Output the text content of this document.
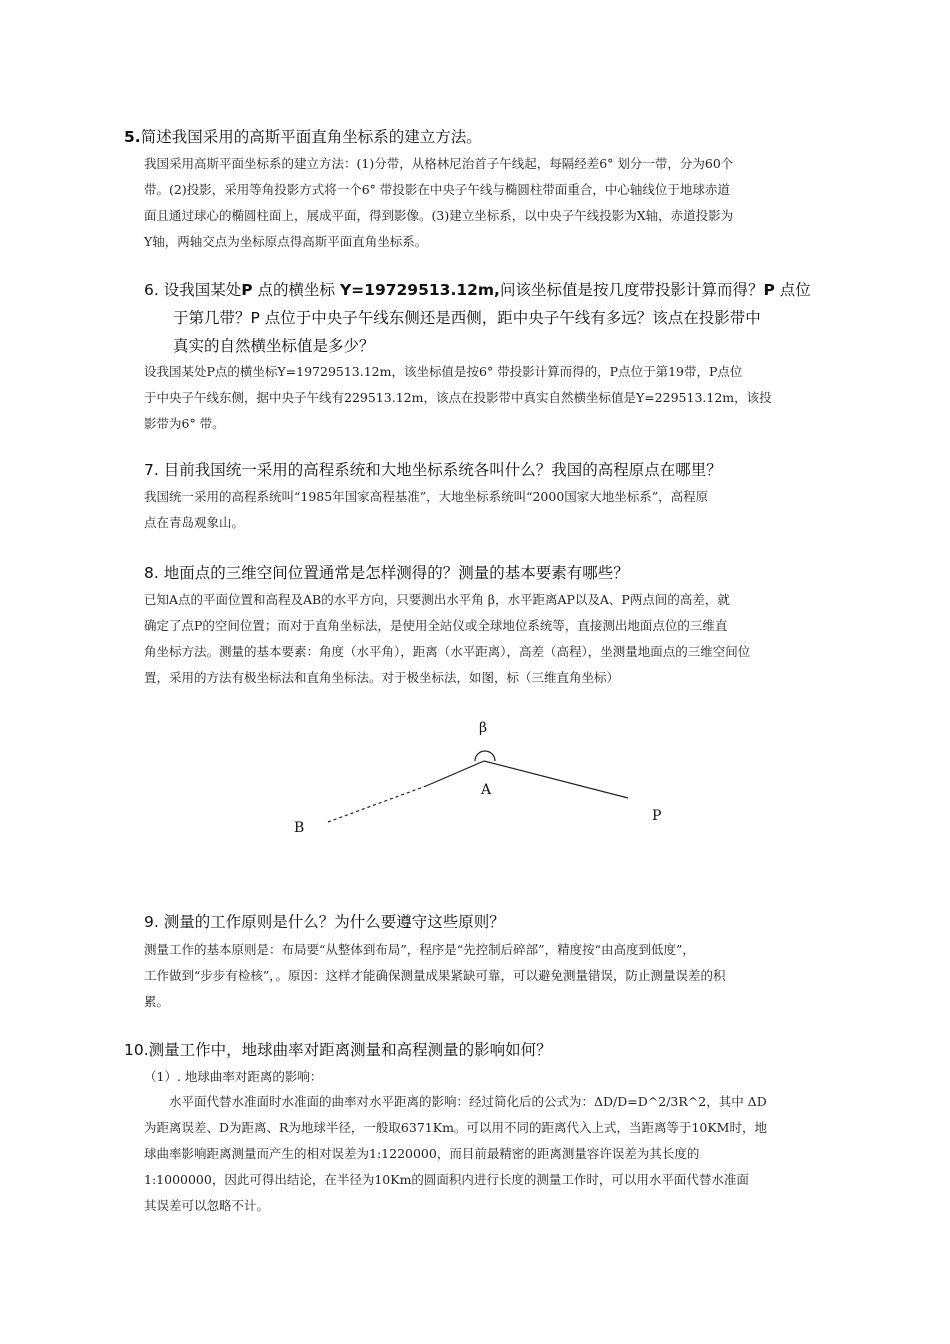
5.简述我国采用的高斯平面直角坐标系的建立方法。
我国采用高斯平面坐标系的建立方法：(1)分带，从格林尼治首子午线起，每隔经差6° 划分一带，分为60个
带。(2)投影，采用等角投影方式将一个6° 带投影在中央子午线与椭圆柱带面重合，中心轴线位于地球赤道
面且通过球心的椭圆柱面上，展成平面，得到影像。(3)建立坐标系，以中央子午线投影为X轴，赤道投影为
Y轴，两轴交点为坐标原点得高斯平面直角坐标系。
6. 设我国某处P 点的横坐标 Y=19729513.12m,问该坐标值是按几度带投影计算而得？P 点位
于第几带？P 点位于中央子午线东侧还是西侧，距中央子午线有多远？该点在投影带中
真实的自然横坐标值是多少？
设我国某处P点的横坐标Y=19729513.12m，该坐标值是按6° 带投影计算而得的，P点位于第19带，P点位
于中央子午线东侧，据中央子午线有229513.12m，该点在投影带中真实自然横坐标值是Y=229513.12m，该投
影带为6° 带。
7. 目前我国统一采用的高程系统和大地坐标系统各叫什么？我国的高程原点在哪里？
我国统一采用的高程系统叫“1985年国家高程基准”，大地坐标系统叫“2000国家大地坐标系”，高程原
点在青岛观象山。
8. 地面点的三维空间位置通常是怎样测得的？测量的基本要素有哪些？
已知A点的平面位置和高程及AB的水平方向，只要测出水平角 β，水平距离AP以及A、P两点间的高差，就
确定了点P的空间位置；而对于直角坐标法，是使用全站仪或全球地位系统等，直接测出地面点位的三维直
角坐标方法。测量的基本要素：角度（水平角），距离（水平距离），高差（高程），坐测量地面点的三维空间位
置，采用的方法有极坐标法和直角坐标法。对于极坐标法，如图，标（三维直角坐标）
β
A
B
P
9. 测量的工作原则是什么？为什么要遵守这些原则？
测量工作的基本原则是：布局要“从整体到布局”，程序是“先控制后碎部”，精度按“由高度到低度”，
工作做到“步步有检核”，。原因：这样才能确保测量成果紧缺可靠，可以避免测量错误，防止测量误差的积
累。
10.测量工作中，地球曲率对距离测量和高程测量的影响如何？
（1）. 地球曲率对距离的影响：
水平面代替水准面时水准面的曲率对水平距离的影响：经过简化后的公式为：ΔD/D=D^2/3R^2，其中 ΔD
为距离误差、D为距离、R为地球半径，一般取6371Km。可以用不同的距离代入上式，当距离等于10KM时，地
球曲率影响距离测量而产生的相对误差为1:1220000，而目前最精密的距离测量容许误差为其长度的
1:1000000，因此可得出结论，在半径为10Km的圆面积内进行长度的测量工作时，可以用水平面代替水准面
其误差可以忽略不计。
